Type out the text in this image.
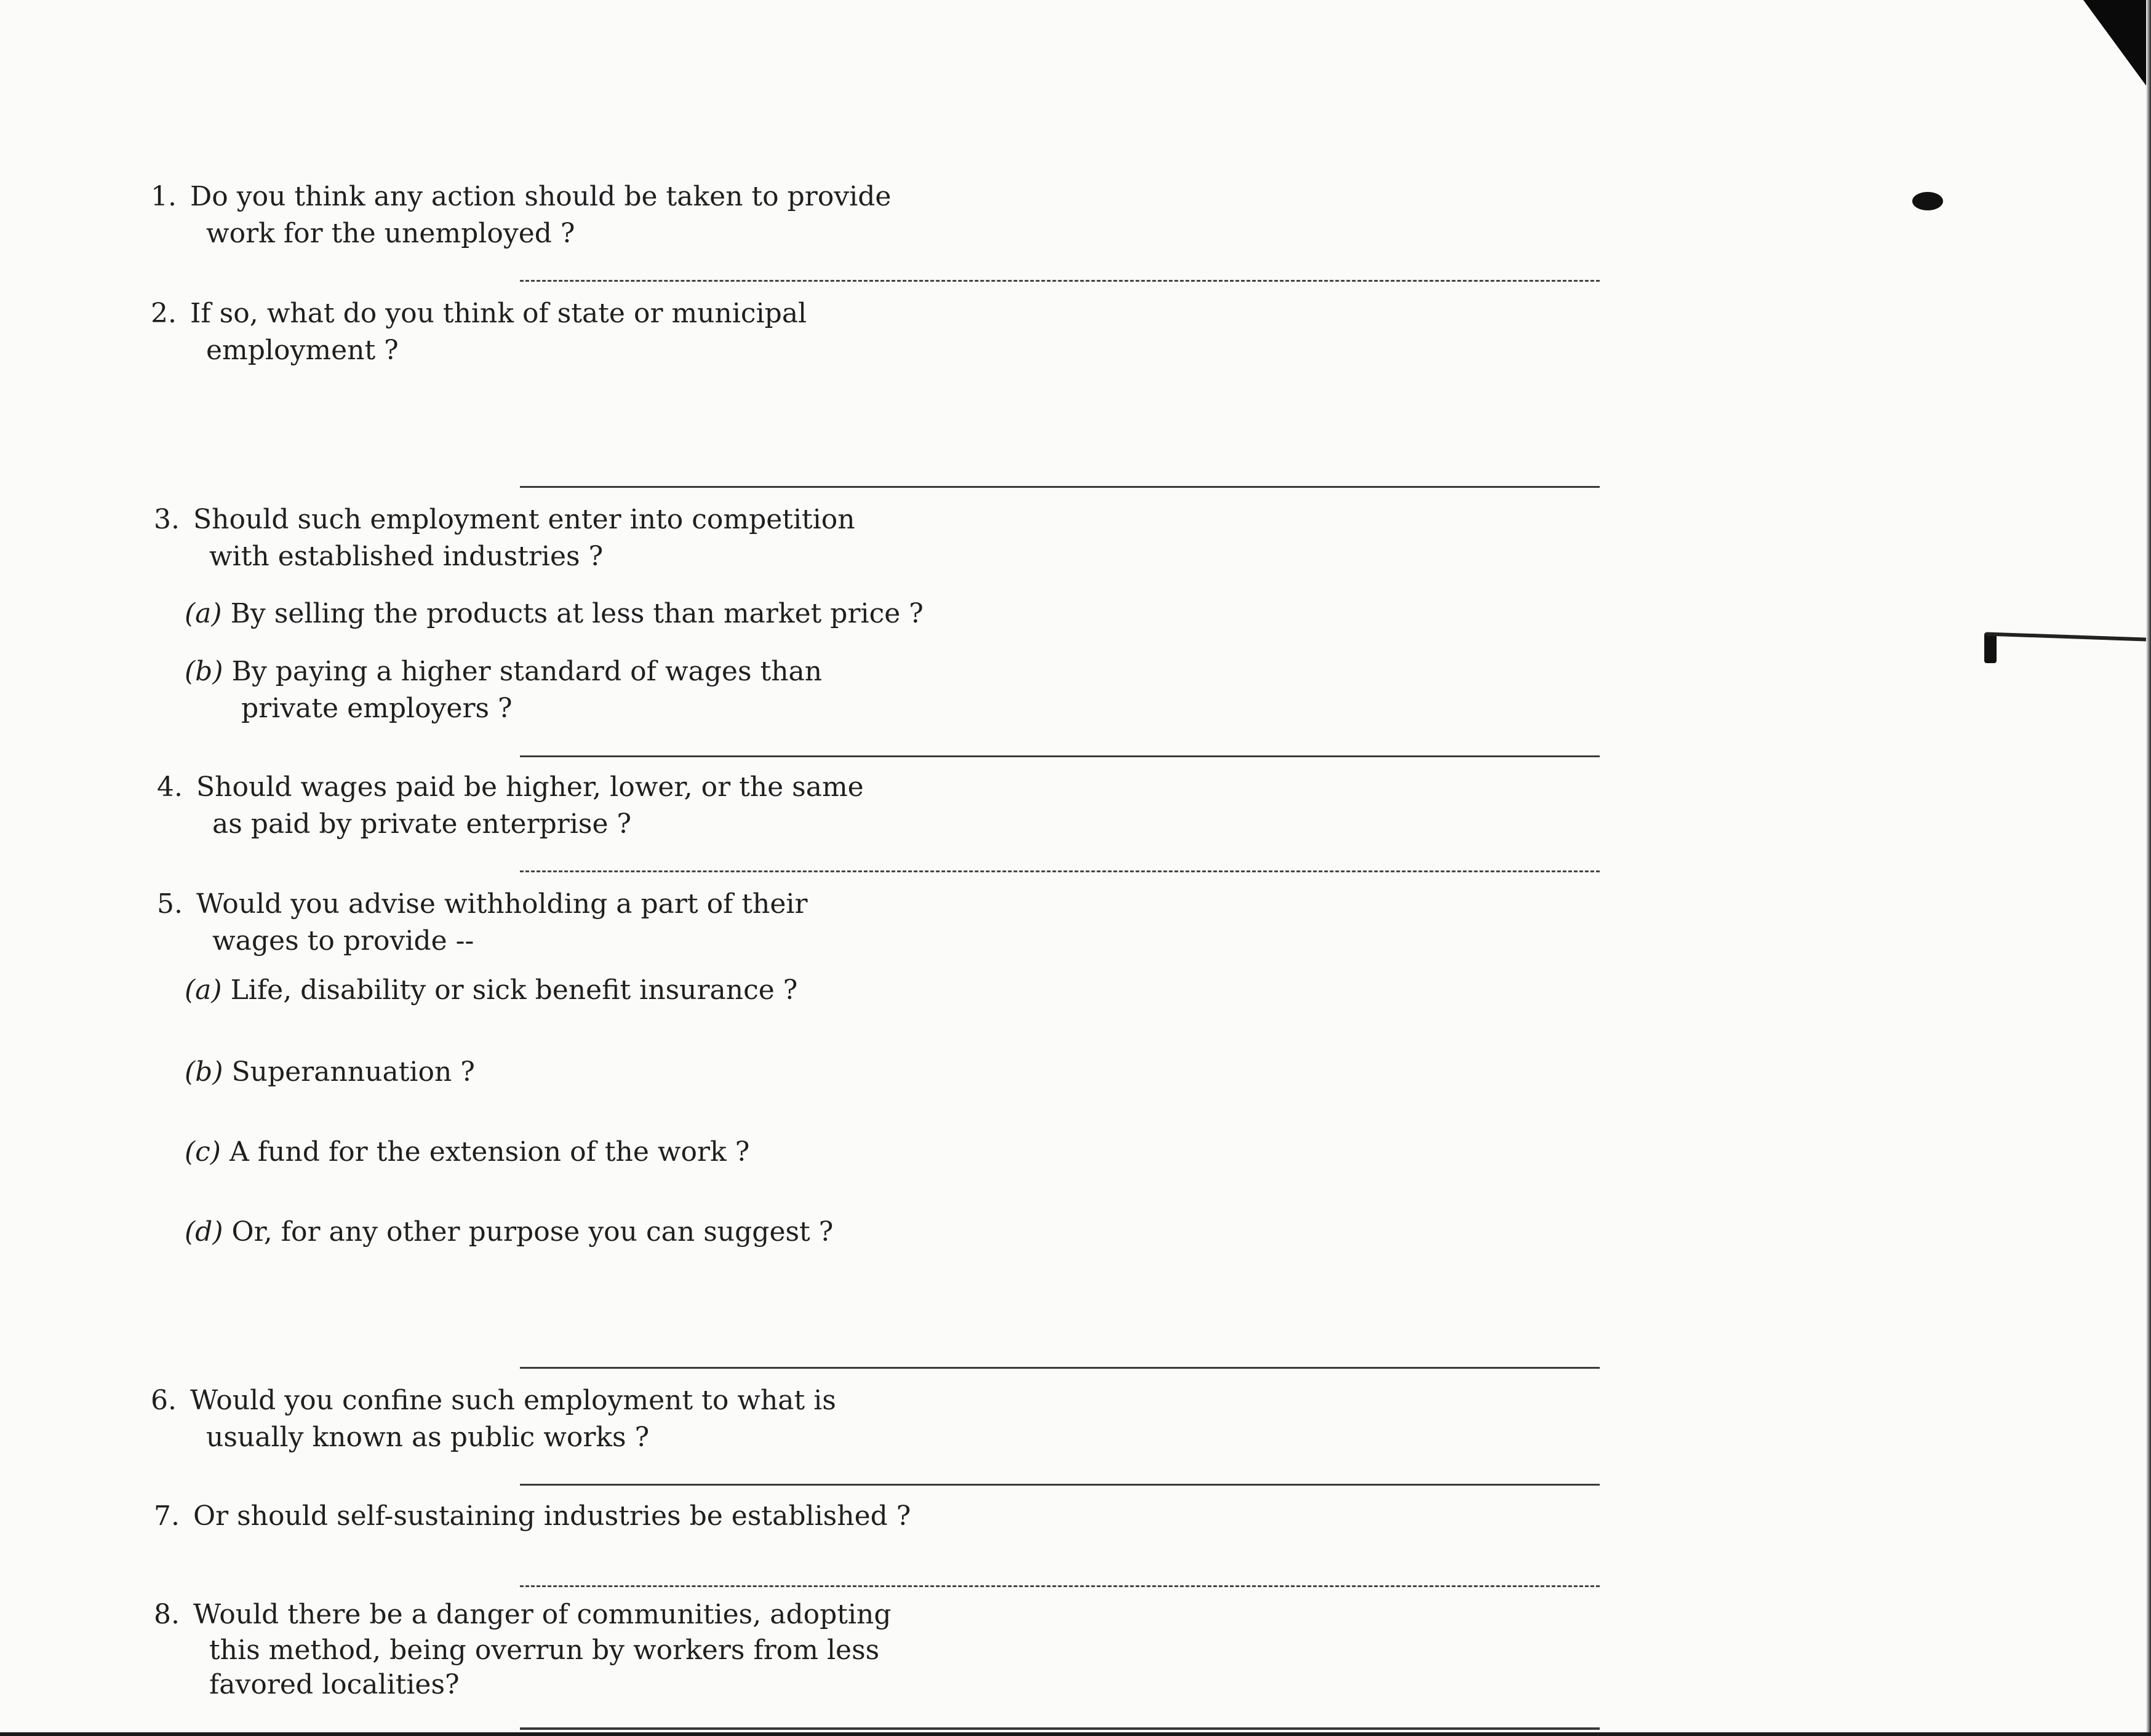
1. Do you think any action should be taken to provide
work for the unemployed ?
2. If so, what do you think of state or municipal
employment ?
3. Should such employment enter into competition
with established industries ?
(a) By selling the products at less than market price ?
(b) By paying a higher standard of wages than
private employers ?
4. Should wages paid be higher, lower, or the same
as paid by private enterprise ?
5. Would you advise withholding a part of their
wages to provide --
(a) Life, disability or sick benefit insurance ?
(b) Superannuation ?
(c) A fund for the extension of the work ?
(d) Or, for any other purpose you can suggest ?
6. Would you confine such employment to what is
usually known as public works ?
7. Or should self-sustaining industries be established ?
8. Would there be a danger of communities, adopting
this method, being overrun by workers from less
favored localities?
